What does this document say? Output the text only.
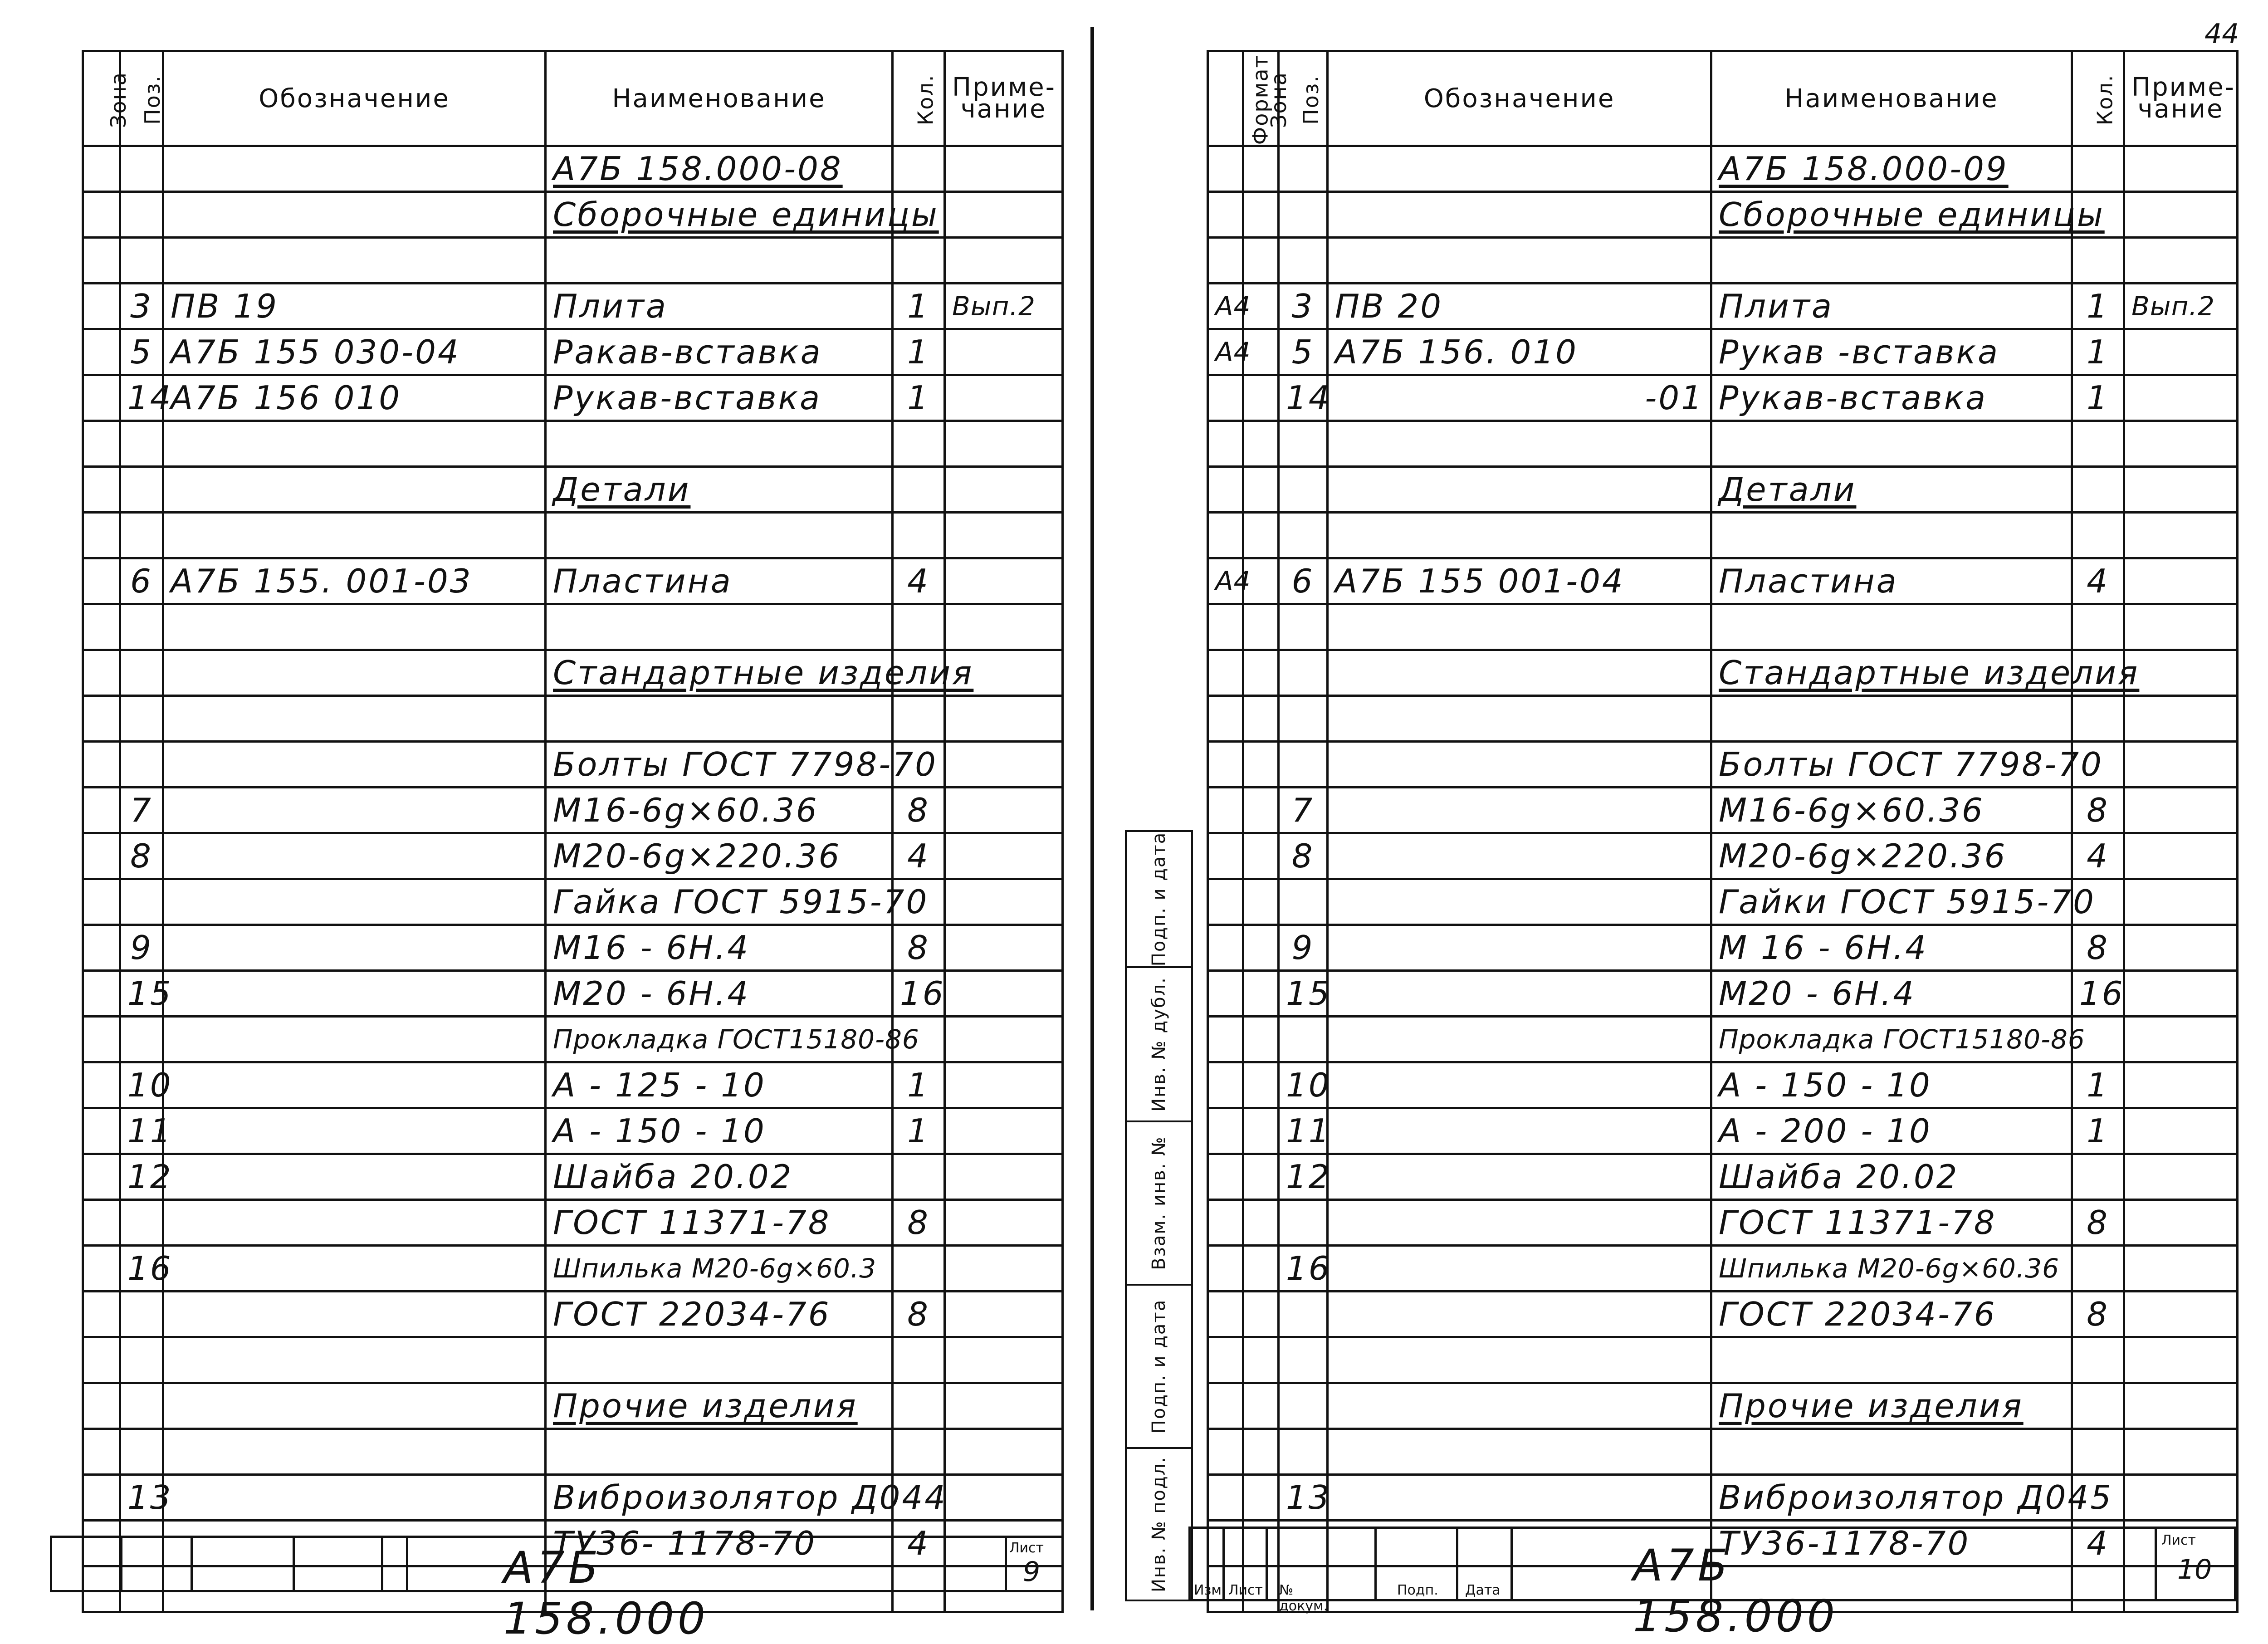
Зона	Поз.	Обозначение	Наименование	Кол.	Приме-
чание
			А7Б 158.000-08		
			Сборочные единицы		

	3	ПВ 19	Плита	1	Вып.2
	5	А7Б 155 030-04	Ракав-вставка	1	
	14	А7Б 156 010	Рукав-вставка	1	

			Детали		

	6	А7Б 155. 001-03	Пластина	4	

			Стандартные изделия		

			Болты ГОСТ 7798-70		
	7		М16-6g×60.36	8	
	8		М20-6g×220.36	4	
			Гайка ГОСТ 5915-70		
	9		М16 - 6Н.4	8	
	15		М20 - 6Н.4	16	
			Прокладка ГОСТ15180-86		
	10		А - 125 - 10	1	
	11		А - 150 - 10	1	
	12		Шайба 20.02		
			ГОСТ 11371-78	8	
	16		Шпилька М20-6g×60.3		
			ГОСТ 22034-76	8	

			Прочие изделия		

	13		Виброизолятор Д044		
			ТУ36- 1178-70	4	

А7Б 158.000
Лист
9
44
Формат	Зона	Поз.	Обозначение	Наименование	Кол.	Приме-
чание
				А7Б 158.000-09		
				Сборочные единицы		

А4		3	ПВ 20	Плита	1	Вып.2
А4		5	А7Б 156. 010	Рукав -вставка	1	
		14	-01	Рукав-вставка	1	

				Детали		

А4		6	А7Б 155 001-04	Пластина	4	

				Стандартные изделия		

				Болты ГОСТ 7798-70		
		7		М16-6g×60.36	8	
		8		М20-6g×220.36	4	
				Гайки ГОСТ 5915-70		
		9		М 16 - 6Н.4	8	
		15		М20 - 6Н.4	16	
				Прокладка ГОСТ15180-86		
		10		А - 150 - 10	1	
		11		А - 200 - 10	1	
		12		Шайба 20.02		
				ГОСТ 11371-78	8	
		16		Шпилька М20-6g×60.36		
				ГОСТ 22034-76	8	

				Прочие изделия		

		13		Виброизолятор Д045		
				ТУ36-1178-70	4	

Изм. Лист № докум.
Подп. Дата	А7Б 158.000
Лист
10
Инв. № подл.
Подп. и дата
Взам. инв. №
Инв. № дубл.
Подп. и дата
